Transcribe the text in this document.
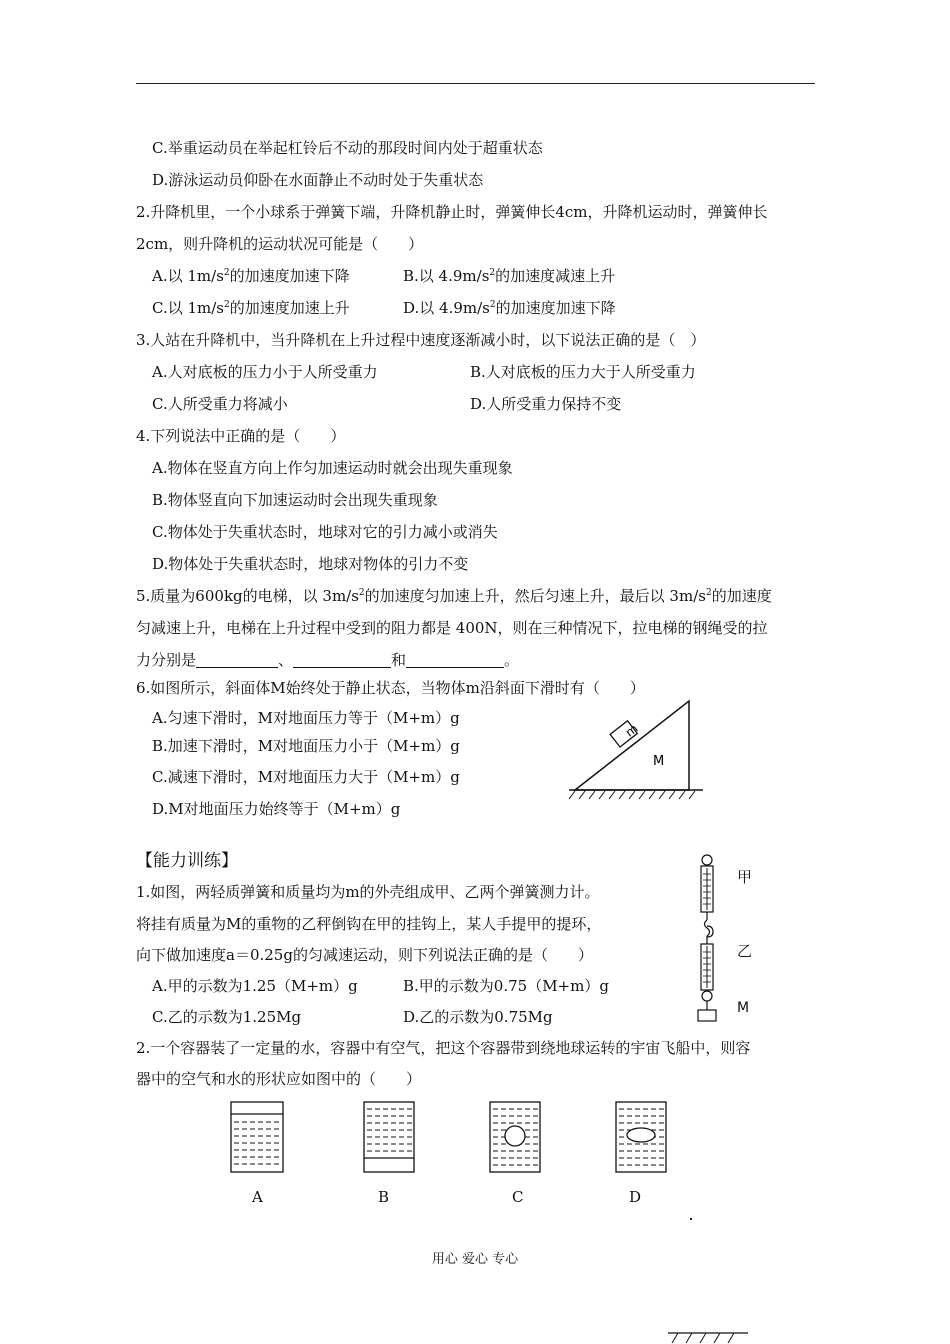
C.举重运动员在举起杠铃后不动的那段时间内处于超重状态
D.游泳运动员仰卧在水面静止不动时处于失重状态
2.升降机里，一个小球系于弹簧下端，升降机静止时，弹簧伸长4cm，升降机运动时，弹簧伸长
2cm，则升降机的运动状况可能是（　　）
A.以 $1m/s^2$的加速度加速下降	B.以 $4.9m/s^2$的加速度减速上升
C.以 $1m/s^2$的加速度加速上升	D.以 $4.9m/s^2$的加速度加速下降
3.人站在升降机中，当升降机在上升过程中速度逐渐减小时，以下说法正确的是（　）
A.人对底板的压力小于人所受重力	B.人对底板的压力大于人所受重力
C.人所受重力将减小	D.人所受重力保持不变
4.下列说法中正确的是（　　）
A.物体在竖直方向上作匀加速运动时就会出现失重现象
B.物体竖直向下加速运动时会出现失重现象
C.物体处于失重状态时，地球对它的引力减小或消失
D.物体处于失重状态时，地球对物体的引力不变
5.质量为600kg的电梯，以 $3m/s^2$的加速度匀加速上升，然后匀速上升，最后以 $3m/s^2$的加速度
匀减速上升，电梯在上升过程中受到的阻力都是 400N，则在三种情况下，拉电梯的钢绳受的拉
力分别是	、	和	。
6.如图所示，斜面体M始终处于静止状态，当物体m沿斜面下滑时有（　　）
A.匀速下滑时，M对地面压力等于（M+m）g
B.加速下滑时，M对地面压力小于（M+m）g
C.减速下滑时，M对地面压力大于（M+m）g
D.M对地面压力始终等于（M+m）g
m
M
【能力训练】
1.如图，两轻质弹簧和质量均为m的外壳组成甲、乙两个弹簧测力计。
将挂有质量为M的重物的乙秤倒钩在甲的挂钩上，某人手提甲的提环，
向下做加速度a＝0.25g的匀减速运动，则下列说法正确的是（　　）
A.甲的示数为1.25（M+m）g	B.甲的示数为0.75（M+m）g
C.乙的示数为1.25Mg	D.乙的示数为0.75Mg
甲
乙
M
2.一个容器装了一定量的水，容器中有空气，把这个容器带到绕地球运转的宇宙飞船中，则容
器中的空气和水的形状应如图中的（　　）
A	B	C	D
用心 爱心 专心
